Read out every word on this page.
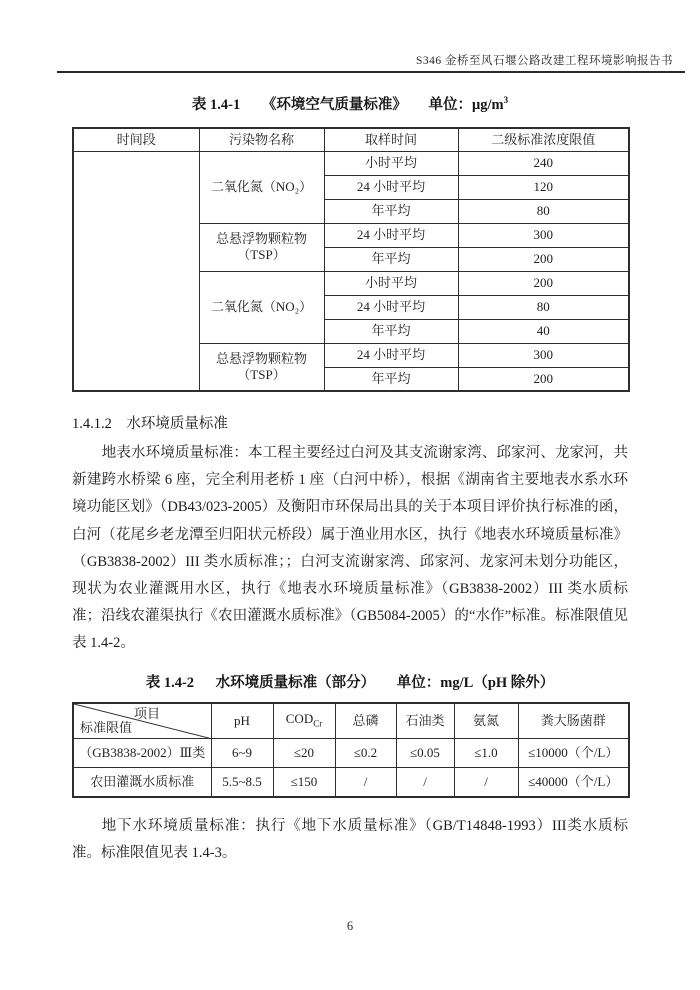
S346 金桥至风石堰公路改建工程环境影响报告书
表 1.4-1 《环境空气质量标准》 单位：$\mu g/m^3$
时间段	污染物名称	取样时间	二级标准浓度限值
	二氧化氮（NO₂）	小时平均	240
		24 小时平均	120
		年平均	80
	总悬浮物颗粒物 （TSP）	24 小时平均	300
		年平均	200
	二氧化氮（NO₂）	小时平均	200
		24 小时平均	80
		年平均	40
	总悬浮物颗粒物 （TSP）	24 小时平均	300
		年平均	200
1.4.1.2　水环境质量标准

地表水环境质量标准：本工程主要经过白河及其支流谢家湾、邱家河、龙家河，共新建跨水桥梁 6 座，完全利用老桥 1 座（白河中桥），根据《湖南省主要地表水系水环境功能区划》（DB43/023-2005）及衡阳市环保局出具的关于本项目评价执行标准的函，白河（花尾乡老龙潭至归阳状元桥段）属于渔业用水区，执行《地表水环境质量标准》（GB3838-2002）III 类水质标准；；白河支流谢家湾、邱家河、龙家河未划分功能区，现状为农业灌溉用水区，执行《地表水环境质量标准》（GB3838-2002）III 类水质标准；沿线农灌渠执行《农田灌溉水质标准》（GB5084-2005）的“水作”标准。标准限值见表 1.4-2。

表 1.4-2 水环境质量标准（部分） 单位：mg/L（pH 除外）
项目
标准限值	pH	$COD_{Cr}$	总磷	石油类	氨氮	粪大肠菌群
（GB3838-2002）Ⅲ类	6~9	≤20	≤0.2	≤0.05	≤1.0	≤10000（个/L）
农田灌溉水质标准	5.5~8.5	≤150	/	/	/	≤40000（个/L）

地下水环境质量标准：执行《地下水质量标准》（GB/T14848-1993）III类水质标准。标准限值见表 1.4-3。

6
